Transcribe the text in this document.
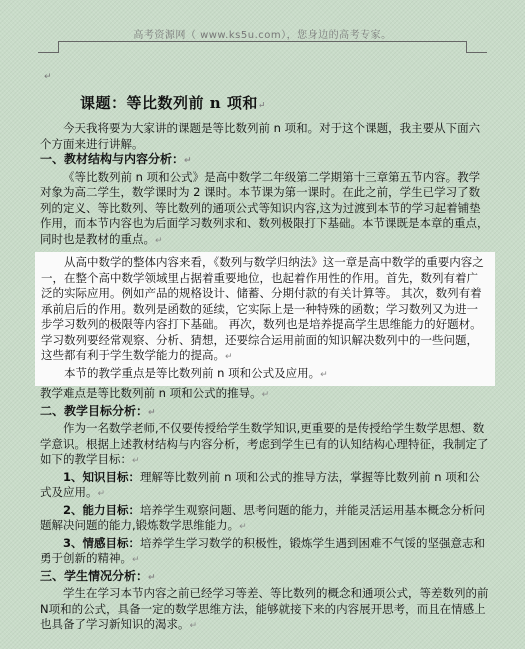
高考资源网（ www.ks5u.com），您身边的高考专家。
↵
课题：等比数列前 n 项和↵

今天我将要为大家讲的课题是等比数列前 n 项和。对于这个课题，我主要从下面六个方面来进行讲解。

一、教材结构与内容分析：↵

《等比数列前 n 项和公式》是高中数学二年级第二学期第十三章第五节内容。教学对象为高二学生，数学课时为 2 课时。本节课为第一课时。在此之前，学生已学习了数列的定义、等比数列、等比数列的通项公式等知识内容,这为过渡到本节的学习起着铺垫作用，而本节内容也为后面学习数列求和、数列极限打下基础。本节课既是本章的重点，同时也是教材的重点。↵

从高中数学的整体内容来看，《数列与数学归纳法》这一章是高中数学的重要内容之一，在整个高中数学领域里占据着重要地位，也起着作用性的作用。首先，数列有着广泛的实际应用。例如产品的规格设计、储蓄、分期付款的有关计算等。 其次，数列有着承前启后的作用。数列是函数的延续，它实际上是一种特殊的函数；学习数列又为进一步学习数列的极限等内容打下基础。 再次，数列也是培养提高学生思维能力的好题材。学习数列要经常观察、分析、猜想，还要综合运用前面的知识解决数列中的一些问题，这些都有利于学生数学能力的提高。↵

本节的教学重点是等比数列前 n 项和公式及应用。↵

教学难点是等比数列前 n 项和公式的推导。↵

二、教学目标分析：↵

作为一名数学老师,不仅要传授给学生数学知识,更重要的是传授给学生数学思想、数学意识。根据上述教材结构与内容分析，考虑到学生已有的认知结构心理特征，我制定了如下的教学目标：↵

1、知识目标：理解等比数列前 n 项和公式的推导方法，掌握等比数列前 n 项和公式及应用。↵

2、能力目标：培养学生观察问题、思考问题的能力，并能灵活运用基本概念分析问题解决问题的能力,锻炼数学思维能力。↵

3、情感目标：培养学生学习数学的积极性，锻炼学生遇到困难不气馁的坚强意志和勇于创新的精神。↵

三、学生情况分析：↵

学生在学习本节内容之前已经学习等差、等比数列的概念和通项公式，等差数列的前 N项和的公式，具备一定的数学思维方法，能够就接下来的内容展开思考，而且在情感上也具备了学习新知识的渴求。↵
